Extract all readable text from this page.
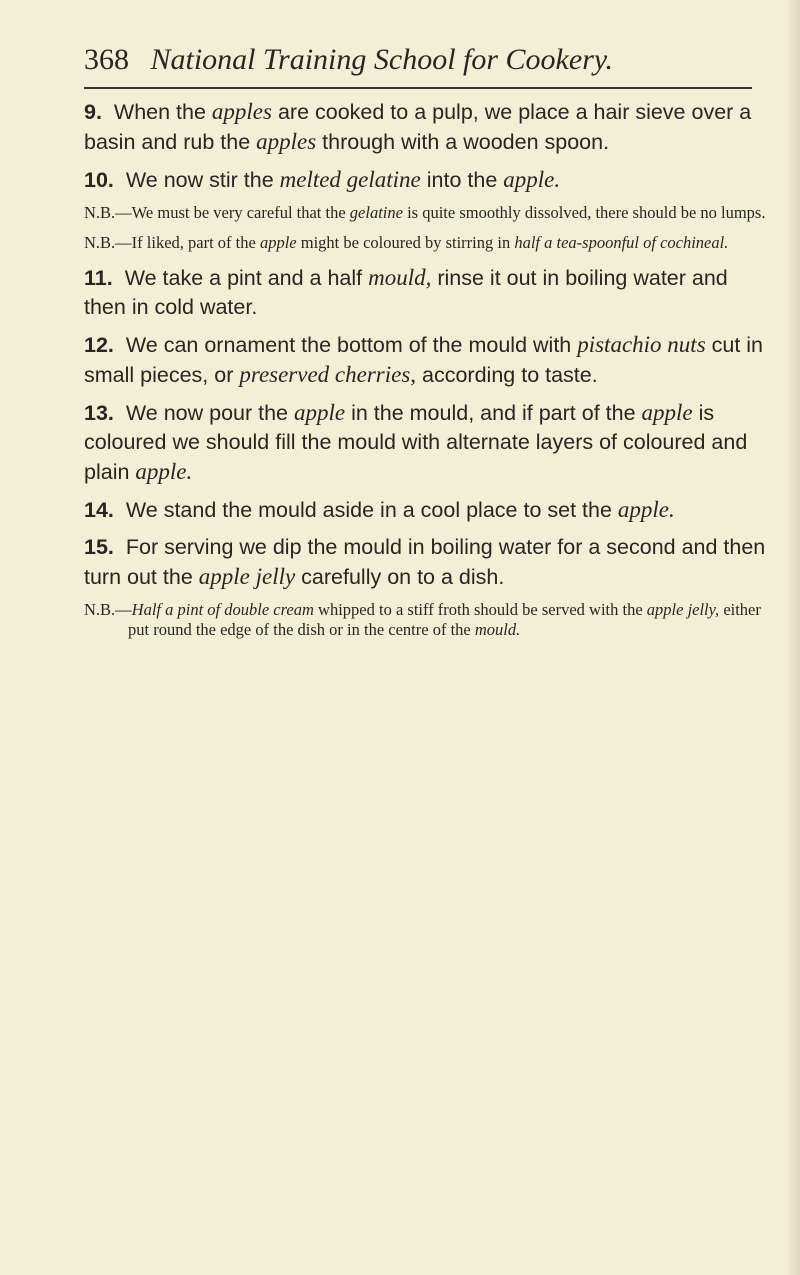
368 National Training School for Cookery.

9. When the apples are cooked to a pulp, we place a hair sieve over a basin and rub the apples through with a wooden spoon.

10. We now stir the melted gelatine into the apple.

N.B.—We must be very careful that the gelatine is quite smoothly dissolved, there should be no lumps.

N.B.—If liked, part of the apple might be coloured by stirring in half a tea-spoonful of cochineal.

11. We take a pint and a half mould, rinse it out in boiling water and then in cold water.

12. We can ornament the bottom of the mould with pistachio nuts cut in small pieces, or preserved cherries, according to taste.

13. We now pour the apple in the mould, and if part of the apple is coloured we should fill the mould with alternate layers of coloured and plain apple.

14. We stand the mould aside in a cool place to set the apple.

15. For serving we dip the mould in boiling water for a second and then turn out the apple jelly carefully on to a dish.

N.B.—Half a pint of double cream whipped to a stiff froth should be served with the apple jelly, either put round the edge of the dish or in the centre of the mould.
